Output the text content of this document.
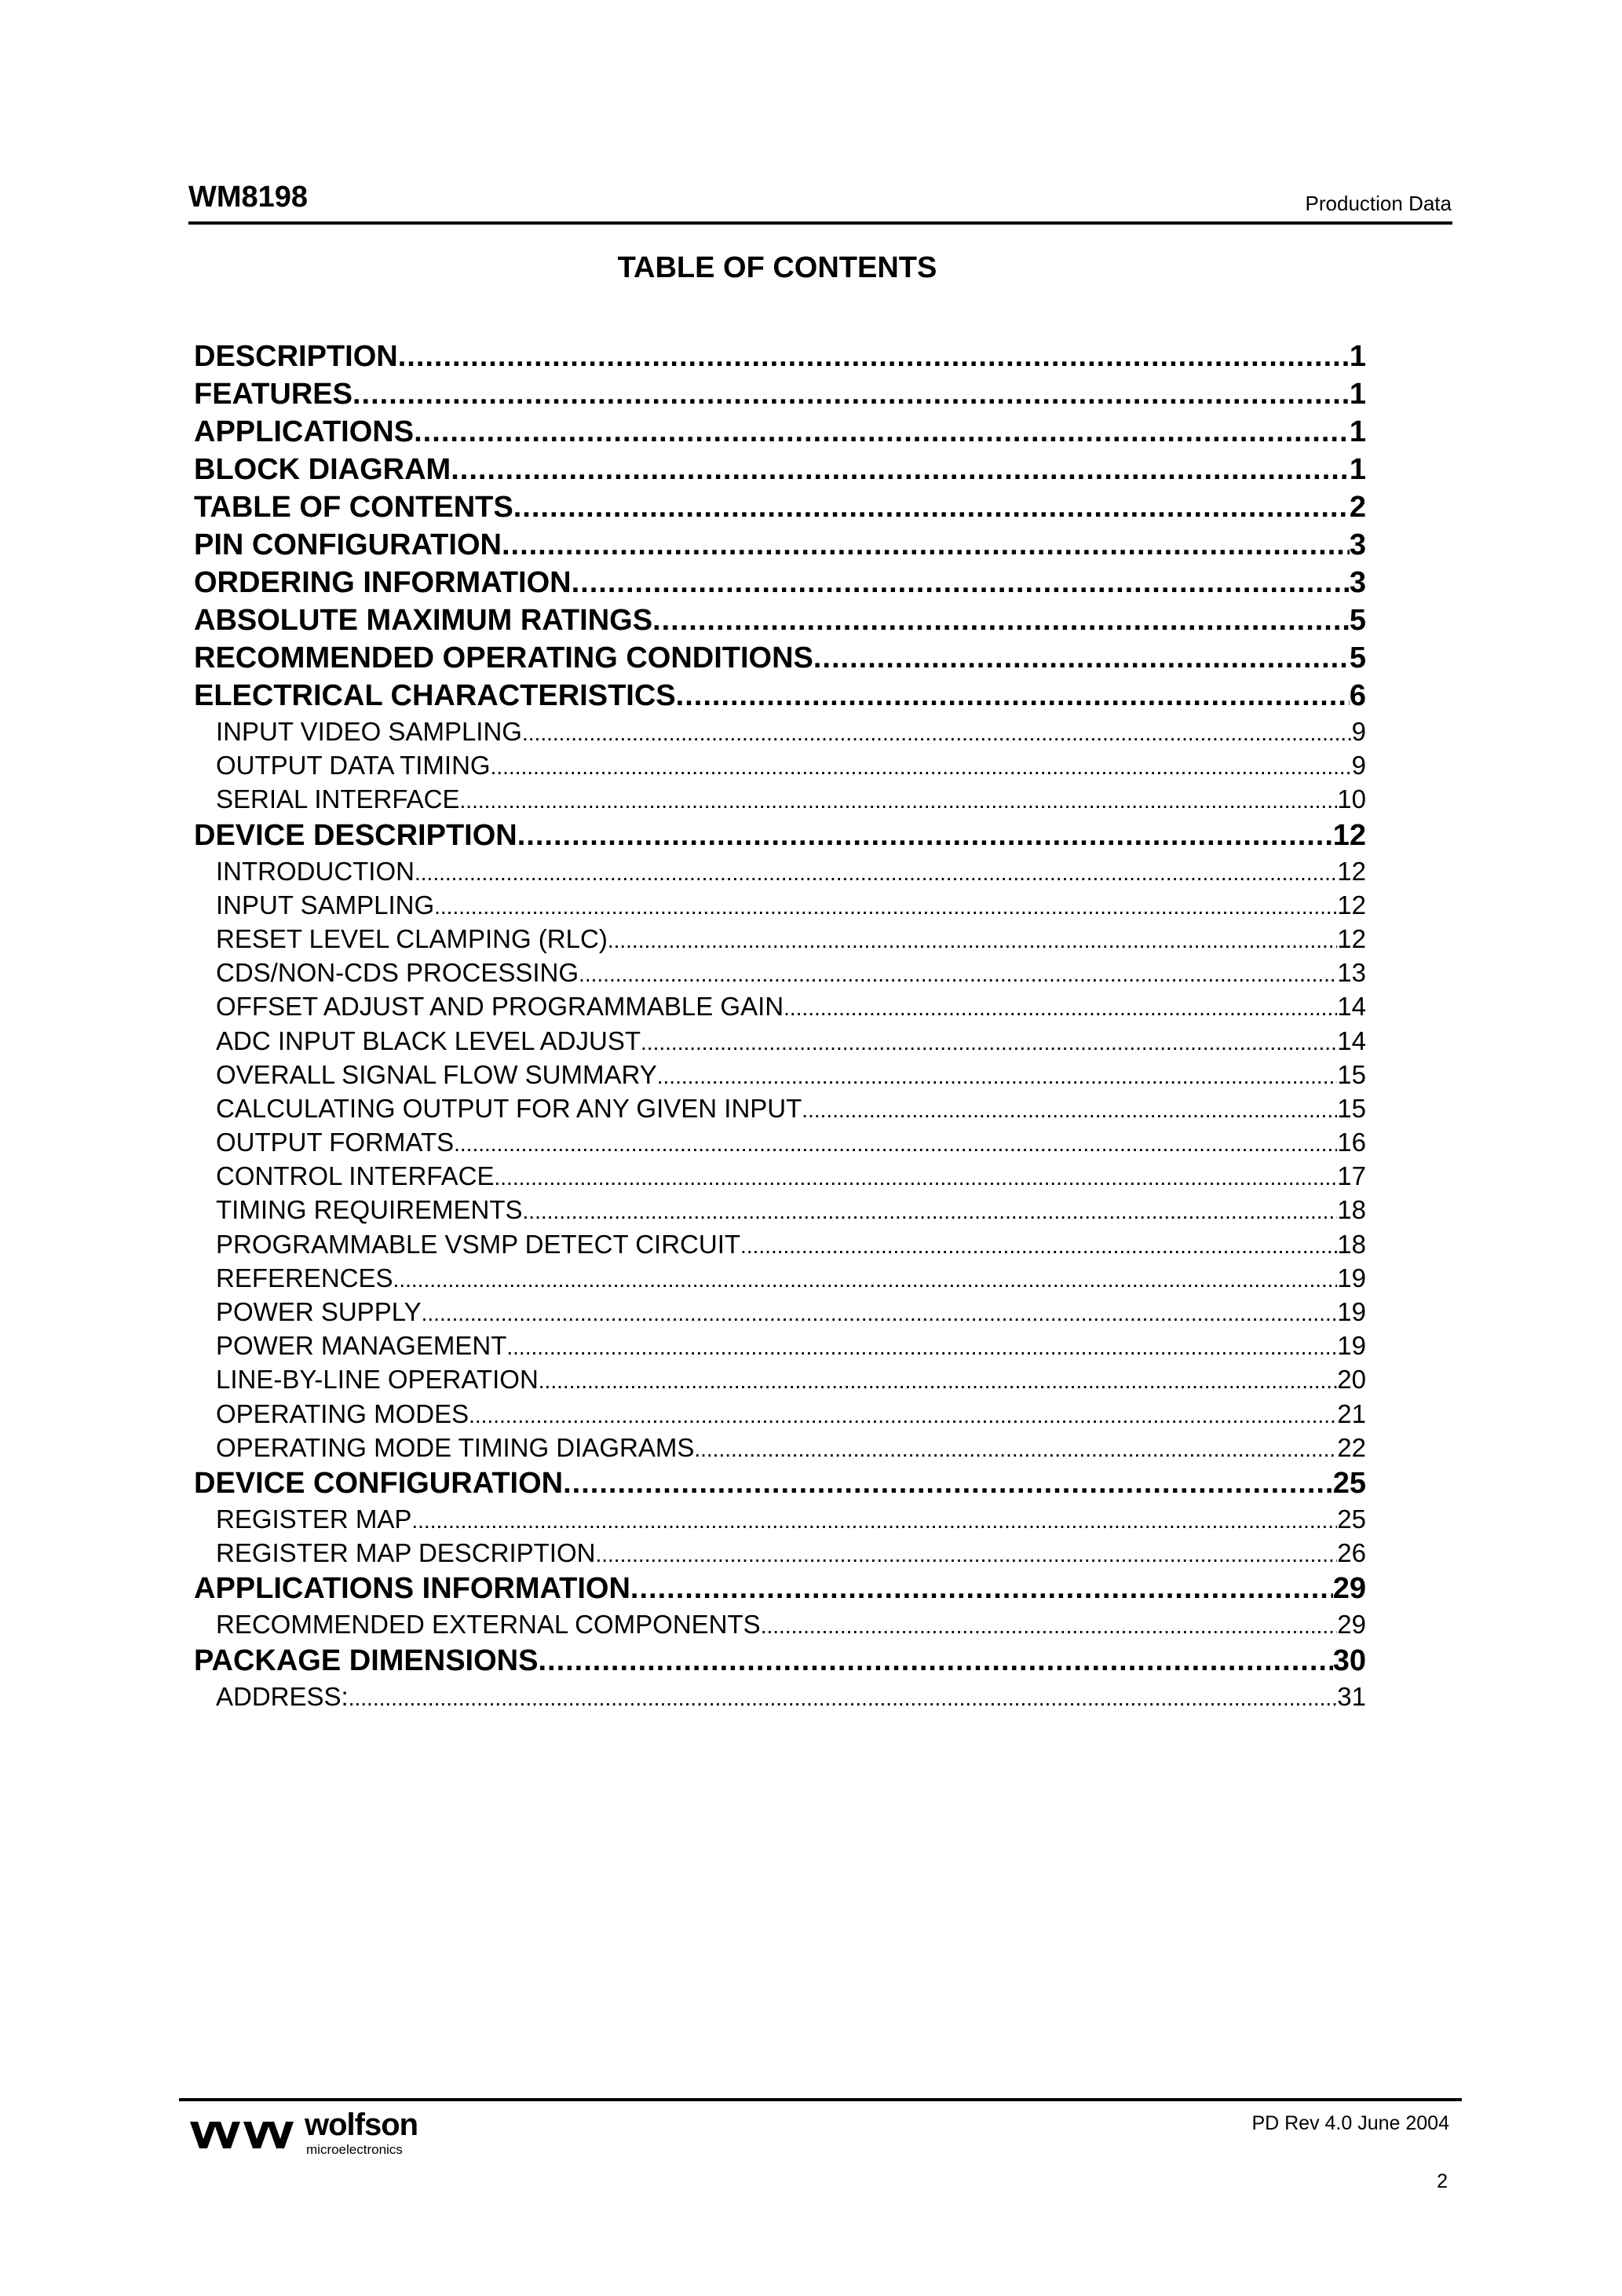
WM8198	Production Data
TABLE OF CONTENTS
DESCRIPTION .....	1
FEATURES .....	1
APPLICATIONS .....	1
BLOCK DIAGRAM .....	1
TABLE OF CONTENTS .....	2
PIN CONFIGURATION .....	3
ORDERING INFORMATION .....	3
ABSOLUTE MAXIMUM RATINGS .....	5
RECOMMENDED OPERATING CONDITIONS .....	5
ELECTRICAL CHARACTERISTICS .....	6
INPUT VIDEO SAMPLING .....	9
OUTPUT DATA TIMING .....	9
SERIAL INTERFACE .....	10
DEVICE DESCRIPTION .....	12
INTRODUCTION .....	12
INPUT SAMPLING .....	12
RESET LEVEL CLAMPING (RLC) .....	12
CDS/NON-CDS PROCESSING .....	13
OFFSET ADJUST AND PROGRAMMABLE GAIN .....	14
ADC INPUT BLACK LEVEL ADJUST .....	14
OVERALL SIGNAL FLOW SUMMARY .....	15
CALCULATING OUTPUT FOR ANY GIVEN INPUT .....	15
OUTPUT FORMATS .....	16
CONTROL INTERFACE .....	17
TIMING REQUIREMENTS .....	18
PROGRAMMABLE VSMP DETECT CIRCUIT .....	18
REFERENCES .....	19
POWER SUPPLY .....	19
POWER MANAGEMENT .....	19
LINE-BY-LINE OPERATION .....	20
OPERATING MODES .....	21
OPERATING MODE TIMING DIAGRAMS .....	22
DEVICE CONFIGURATION .....	25
REGISTER MAP .....	25
REGISTER MAP DESCRIPTION .....	26
APPLICATIONS INFORMATION .....	29
RECOMMENDED EXTERNAL COMPONENTS .....	29
PACKAGE DIMENSIONS .....	30
ADDRESS: .....	31
wolfson
microelectronics
PD Rev 4.0 June 2004
2
